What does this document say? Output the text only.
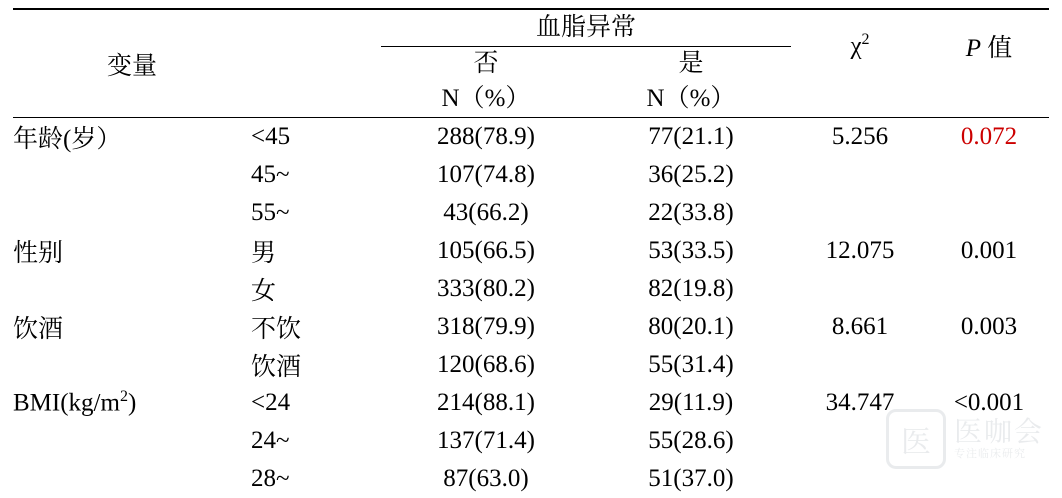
变量		血脂异常		$\chi^2$	P 值
		否	是		
		N（%）	N（%）		

年龄(岁）	<45	288(78.9)	77(21.1)	5.256	0.072
	45~	107(74.8)	36(25.2)		
	55~	43(66.2)	22(33.8)		
性别	男	105(66.5)	53(33.5)	12.075	0.001
	女	333(80.2)	82(19.8)		
饮酒	不饮	318(79.9)	80(20.1)	8.661	0.003
	饮酒	120(68.6)	55(31.4)		
$BMI(kg/m^2)$	<24	214(88.1)	29(11.9)	34.747	<0.001
	24~	137(71.4)	55(28.6)		
	28~	87(63.0)	51(37.0)		
医 医咖会
专注临床研究
